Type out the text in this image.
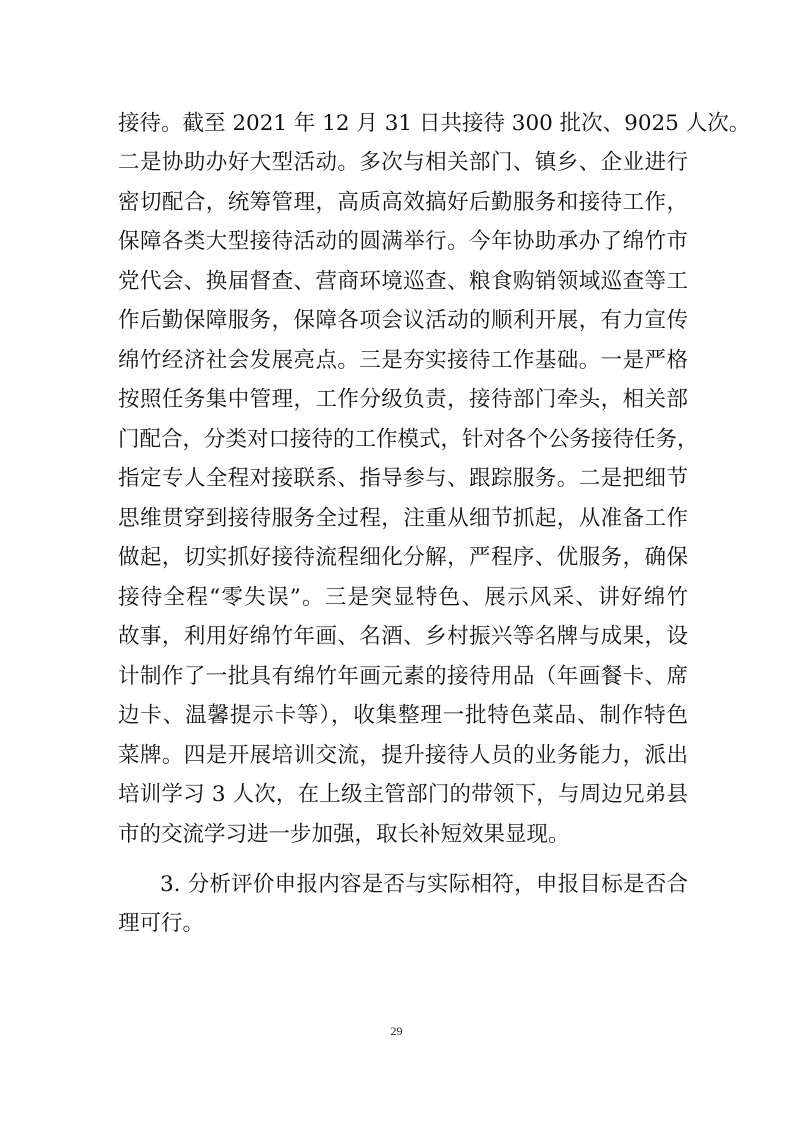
接待。截至 2021 年 12 月 31 日共接待 300 批次、9025 人次。
二是协助办好大型活动。多次与相关部门、镇乡、企业进行
密切配合，统筹管理，高质高效搞好后勤服务和接待工作，
保障各类大型接待活动的圆满举行。今年协助承办了绵竹市
党代会、换届督查、营商环境巡查、粮食购销领域巡查等工
作后勤保障服务，保障各项会议活动的顺利开展，有力宣传
绵竹经济社会发展亮点。三是夯实接待工作基础。一是严格
按照任务集中管理，工作分级负责，接待部门牵头，相关部
门配合，分类对口接待的工作模式，针对各个公务接待任务，
指定专人全程对接联系、指导参与、跟踪服务。二是把细节
思维贯穿到接待服务全过程，注重从细节抓起，从准备工作
做起，切实抓好接待流程细化分解，严程序、优服务，确保
接待全程“零失误”。三是突显特色、展示风采、讲好绵竹
故事，利用好绵竹年画、名酒、乡村振兴等名牌与成果，设
计制作了一批具有绵竹年画元素的接待用品（年画餐卡、席
边卡、温馨提示卡等），收集整理一批特色菜品、制作特色
菜牌。四是开展培训交流，提升接待人员的业务能力，派出
培训学习 3 人次，在上级主管部门的带领下，与周边兄弟县
市的交流学习进一步加强，取长补短效果显现。
3. 分析评价申报内容是否与实际相符，申报目标是否合
理可行。
29
